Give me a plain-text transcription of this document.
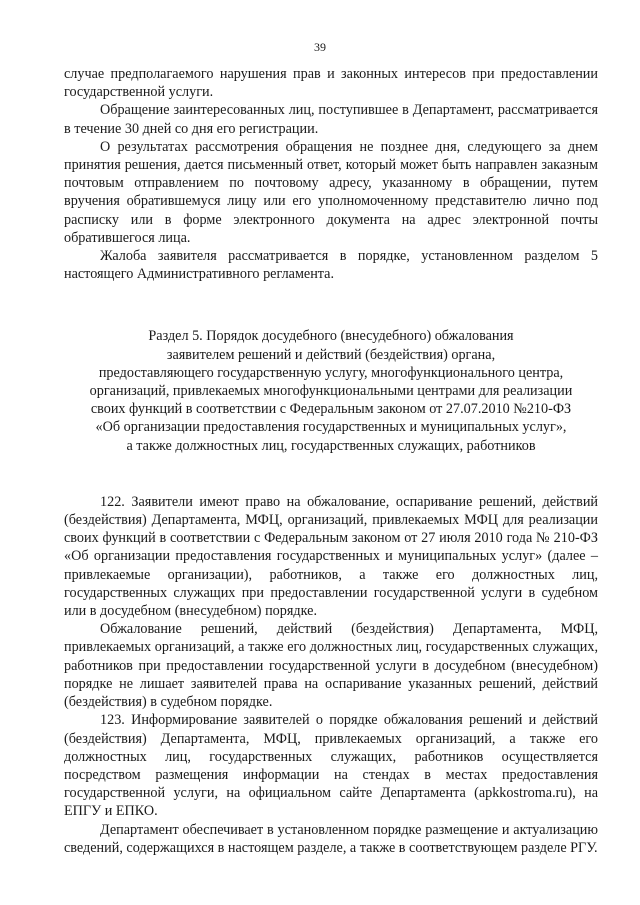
39

случае предполагаемого нарушения прав и законных интересов при предоставлении государственной услуги.

Обращение заинтересованных лиц, поступившее в Департамент, рассматривается в течение 30 дней со дня его регистрации.

О результатах рассмотрения обращения не позднее дня, следующего за днем принятия решения, дается письменный ответ, который может быть направлен заказным почтовым отправлением по почтовому адресу, указанному в обращении, путем вручения обратившемуся лицу или его уполномоченному представителю лично под расписку или в форме электронного документа на адрес электронной почты обратившегося лица.

Жалоба заявителя рассматривается в порядке, установленном разделом 5 настоящего Административного регламента.

Раздел 5. Порядок досудебного (внесудебного) обжалования
заявителем решений и действий (бездействия) органа,
предоставляющего государственную услугу, многофункционального центра,
организаций, привлекаемых многофункциональными центрами для реализации
своих функций в соответствии с Федеральным законом от 27.07.2010 №210-ФЗ
«Об организации предоставления государственных и муниципальных услуг»,
а также должностных лиц, государственных служащих, работников

122. Заявители имеют право на обжалование, оспаривание решений, действий (бездействия) Департамента, МФЦ, организаций, привлекаемых МФЦ для реализации своих функций в соответствии с Федеральным законом от 27 июля 2010 года № 210-ФЗ «Об организации предоставления государственных и муниципальных услуг» (далее – привлекаемые организации), работников, а также его должностных лиц, государственных служащих при предоставлении государственной услуги в судебном или в досудебном (внесудебном) порядке.

Обжалование решений, действий (бездействия) Департамента, МФЦ, привлекаемых организаций, а также его должностных лиц, государственных служащих, работников при предоставлении государственной услуги в досудебном (внесудебном) порядке не лишает заявителей права на оспаривание указанных решений, действий (бездействия) в судебном порядке.

123. Информирование заявителей о порядке обжалования решений и действий (бездействия) Департамента, МФЦ, привлекаемых организаций, а также его должностных лиц, государственных служащих, работников осуществляется посредством размещения информации на стендах в местах предоставления государственной услуги, на официальном сайте Департамента (apkkostroma.ru), на ЕПГУ и ЕПКО.

Департамент обеспечивает в установленном порядке размещение и актуализацию сведений, содержащихся в настоящем разделе, а также в соответствующем разделе РГУ.
